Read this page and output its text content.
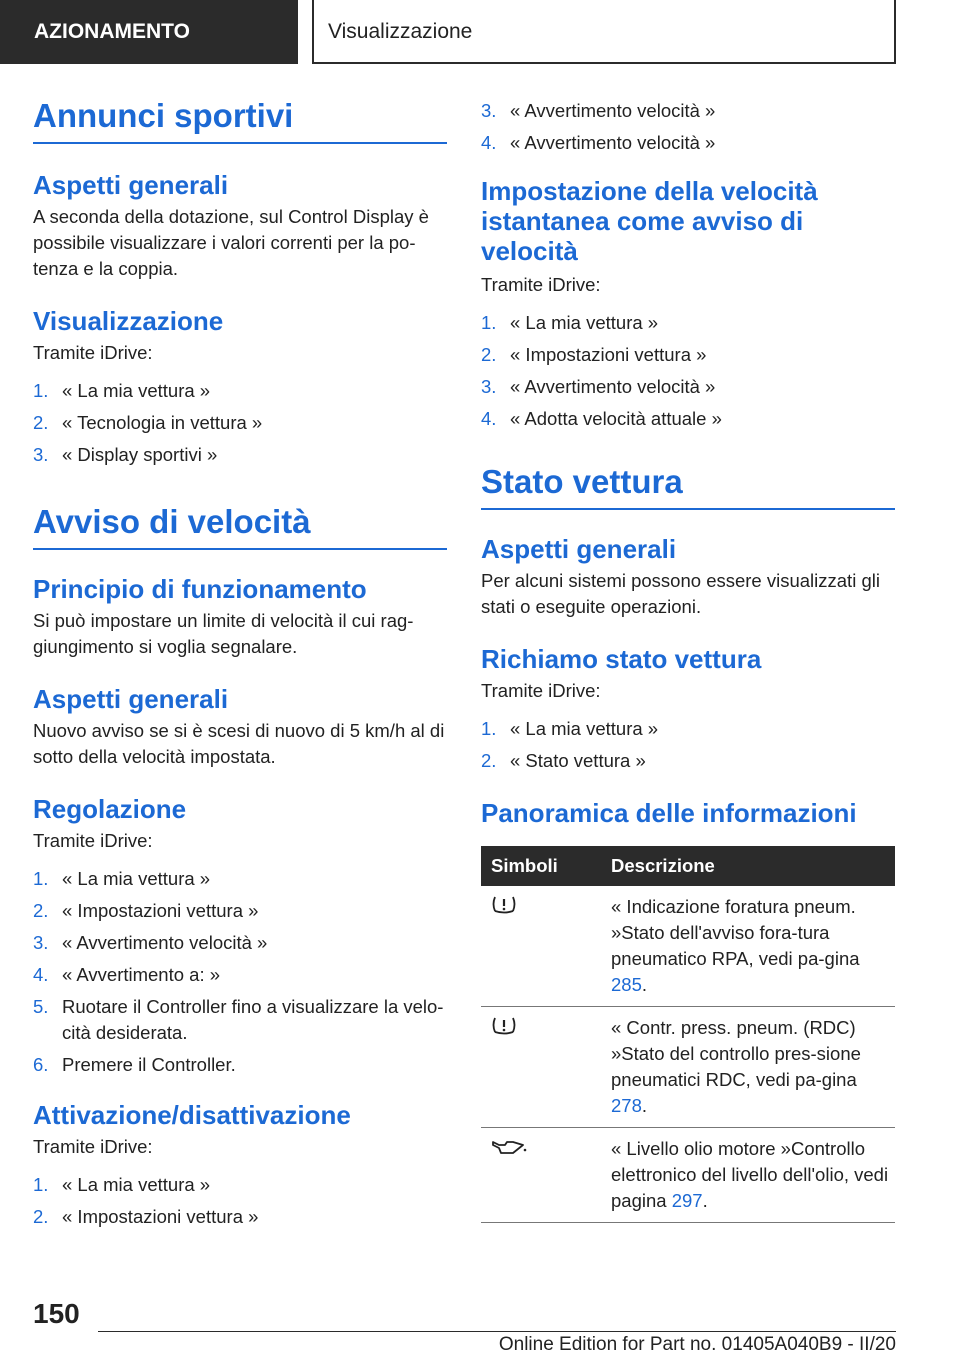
AZIONAMENTO	Visualizzazione
Annunci sportivi
Aspetti generali

A seconda della dotazione, sul Control Display è possibile visualizzare i valori correnti per la po-tenza e la coppia.

Visualizzazione

Tramite iDrive:

1. « La mia vettura »
2. « Tecnologia in vettura »
3. « Display sportivi »
Avviso di velocità
Principio di funzionamento

Si può impostare un limite di velocità il cui rag-giungimento si voglia segnalare.

Aspetti generali

Nuovo avviso se si è scesi di nuovo di 5 km/h al di sotto della velocità impostata.

Regolazione

Tramite iDrive:

1. « La mia vettura »
2. « Impostazioni vettura »
3. « Avvertimento velocità »
4. « Avvertimento a: »
5. Ruotare il Controller fino a visualizzare la velo-cità desiderata.
6. Premere il Controller.
Attivazione/disattivazione

Tramite iDrive:

1. « La mia vettura »
2. « Impostazioni vettura »
3. « Avvertimento velocità »
4. « Avvertimento velocità »
Impostazione della velocità istantanea come avviso di velocità

Tramite iDrive:

1. « La mia vettura »
2. « Impostazioni vettura »
3. « Avvertimento velocità »
4. « Adotta velocità attuale »
Stato vettura
Aspetti generali

Per alcuni sistemi possono essere visualizzati gli stati o eseguite operazioni.

Richiamo stato vettura

Tramite iDrive:

1. « La mia vettura »
2. « Stato vettura »
Panoramica delle informazioni
Simboli	Descrizione
	« Indicazione foratura pneum. »Stato dell'avviso fora-tura pneumatico RPA, vedi pa-gina 285.
	« Contr. press. pneum. (RDC) »Stato del controllo pres-sione pneumatici RDC, vedi pa-gina 278.
	« Livello olio motore »Controllo elettronico del livello dell'olio, vedi pagina 297.
150
Online Edition for Part no. 01405A040B9 - II/20
